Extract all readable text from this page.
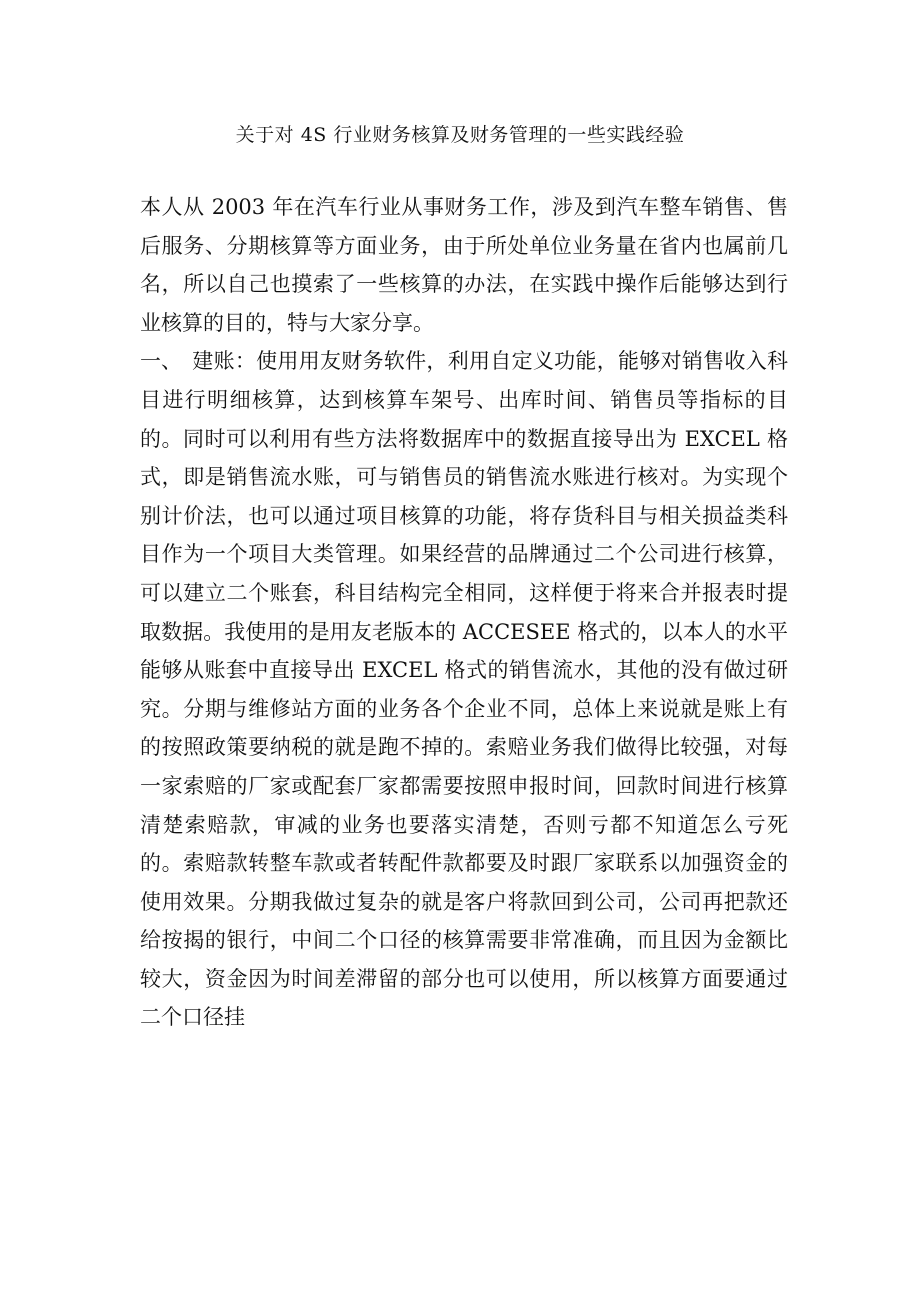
关于对 4S 行业财务核算及财务管理的一些实践经验

本人从 2003 年在汽车行业从事财务工作，涉及到汽车整车销售、售后服务、分期核算等方面业务，由于所处单位业务量在省内也属前几名，所以自己也摸索了一些核算的办法，在实践中操作后能够达到行业核算的目的，特与大家分享。

一、 建账：使用用友财务软件，利用自定义功能，能够对销售收入科目进行明细核算，达到核算车架号、出库时间、销售员等指标的目的。同时可以利用有些方法将数据库中的数据直接导出为 EXCEL 格式，即是销售流水账，可与销售员的销售流水账进行核对。为实现个别计价法，也可以通过项目核算的功能，将存货科目与相关损益类科目作为一个项目大类管理。如果经营的品牌通过二个公司进行核算，可以建立二个账套，科目结构完全相同，这样便于将来合并报表时提取数据。我使用的是用友老版本的 ACCESEE 格式的，以本人的水平能够从账套中直接导出 EXCEL 格式的销售流水，其他的没有做过研究。分期与维修站方面的业务各个企业不同，总体上来说就是账上有的按照政策要纳税的就是跑不掉的。索赔业务我们做得比较强，对每一家索赔的厂家或配套厂家都需要按照申报时间，回款时间进行核算清楚索赔款，审减的业务也要落实清楚，否则亏都不知道怎么亏死的。索赔款转整车款或者转配件款都要及时跟厂家联系以加强资金的使用效果。分期我做过复杂的就是客户将款回到公司，公司再把款还给按揭的银行，中间二个口径的核算需要非常准确，而且因为金额比较大，资金因为时间差滞留的部分也可以使用，所以核算方面要通过二个口径挂
